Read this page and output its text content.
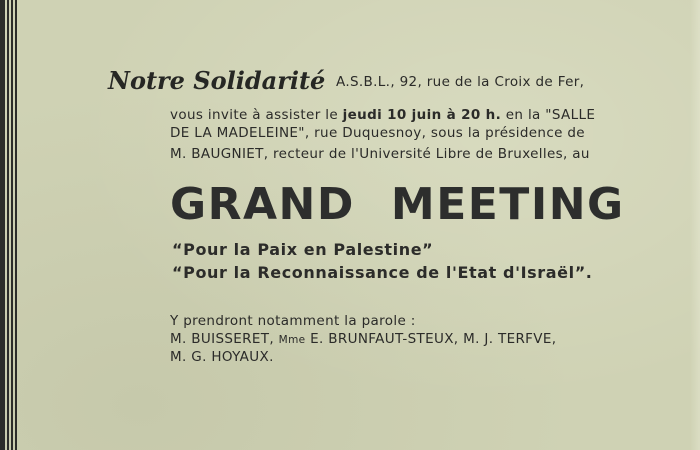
Notre Solidarité A.S.B.L., 92, rue de la Croix de Fer,
vous invite à assister le jeudi 10 juin à 20 h. en la "SALLE
DE LA MADELEINE", rue Duquesnoy, sous la présidence de
M. BAUGNIET, recteur de l'Université Libre de Bruxelles, au
GRAND MEETING
“Pour la Paix en Palestine”
“Pour la Reconnaissance de l'Etat d'Israël”.
Y prendront notamment la parole :
M. BUISSERET, Mme E. BRUNFAUT-STEUX, M. J. TERFVE,
M. G. HOYAUX.
